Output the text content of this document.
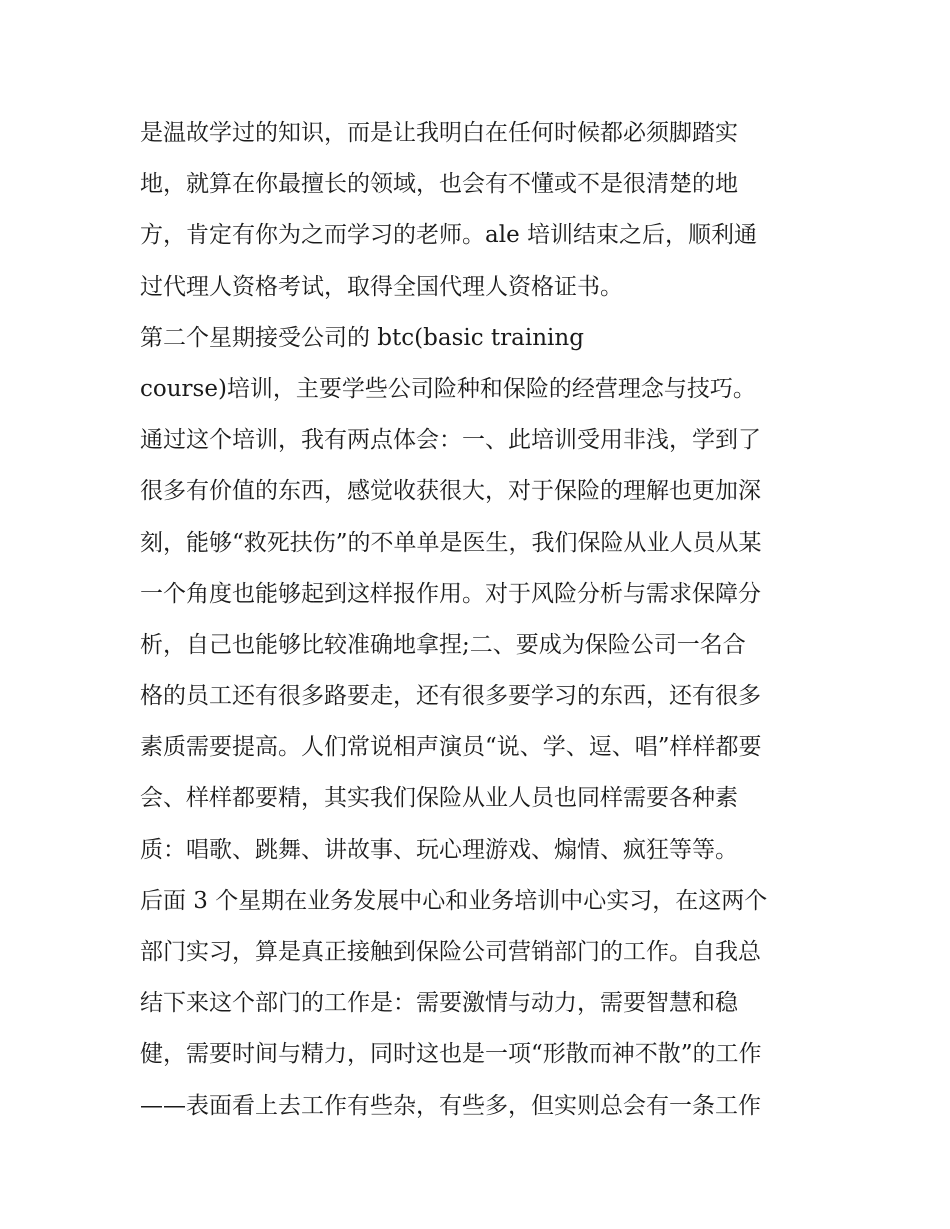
是温故学过的知识，而是让我明白在任何时候都必须脚踏实
地，就算在你最擅长的领域，也会有不懂或不是很清楚的地
方，肯定有你为之而学习的老师。ale 培训结束之后，顺利通
过代理人资格考试，取得全国代理人资格证书。
第二个星期接受公司的 btc(basic training
course)培训，主要学些公司险种和保险的经营理念与技巧。
通过这个培训，我有两点体会：一、此培训受用非浅，学到了
很多有价值的东西，感觉收获很大，对于保险的理解也更加深
刻，能够“救死扶伤”的不单单是医生，我们保险从业人员从某
一个角度也能够起到这样报作用。对于风险分析与需求保障分
析，自己也能够比较准确地拿捏;二、要成为保险公司一名合
格的员工还有很多路要走，还有很多要学习的东西，还有很多
素质需要提高。人们常说相声演员“说、学、逗、唱”样样都要
会、样样都要精，其实我们保险从业人员也同样需要各种素
质：唱歌、跳舞、讲故事、玩心理游戏、煽情、疯狂等等。
后面 3 个星期在业务发展中心和业务培训中心实习，在这两个
部门实习，算是真正接触到保险公司营销部门的工作。自我总
结下来这个部门的工作是：需要激情与动力，需要智慧和稳
健，需要时间与精力，同时这也是一项“形散而神不散”的工作
——表面看上去工作有些杂，有些多，但实则总会有一条工作
